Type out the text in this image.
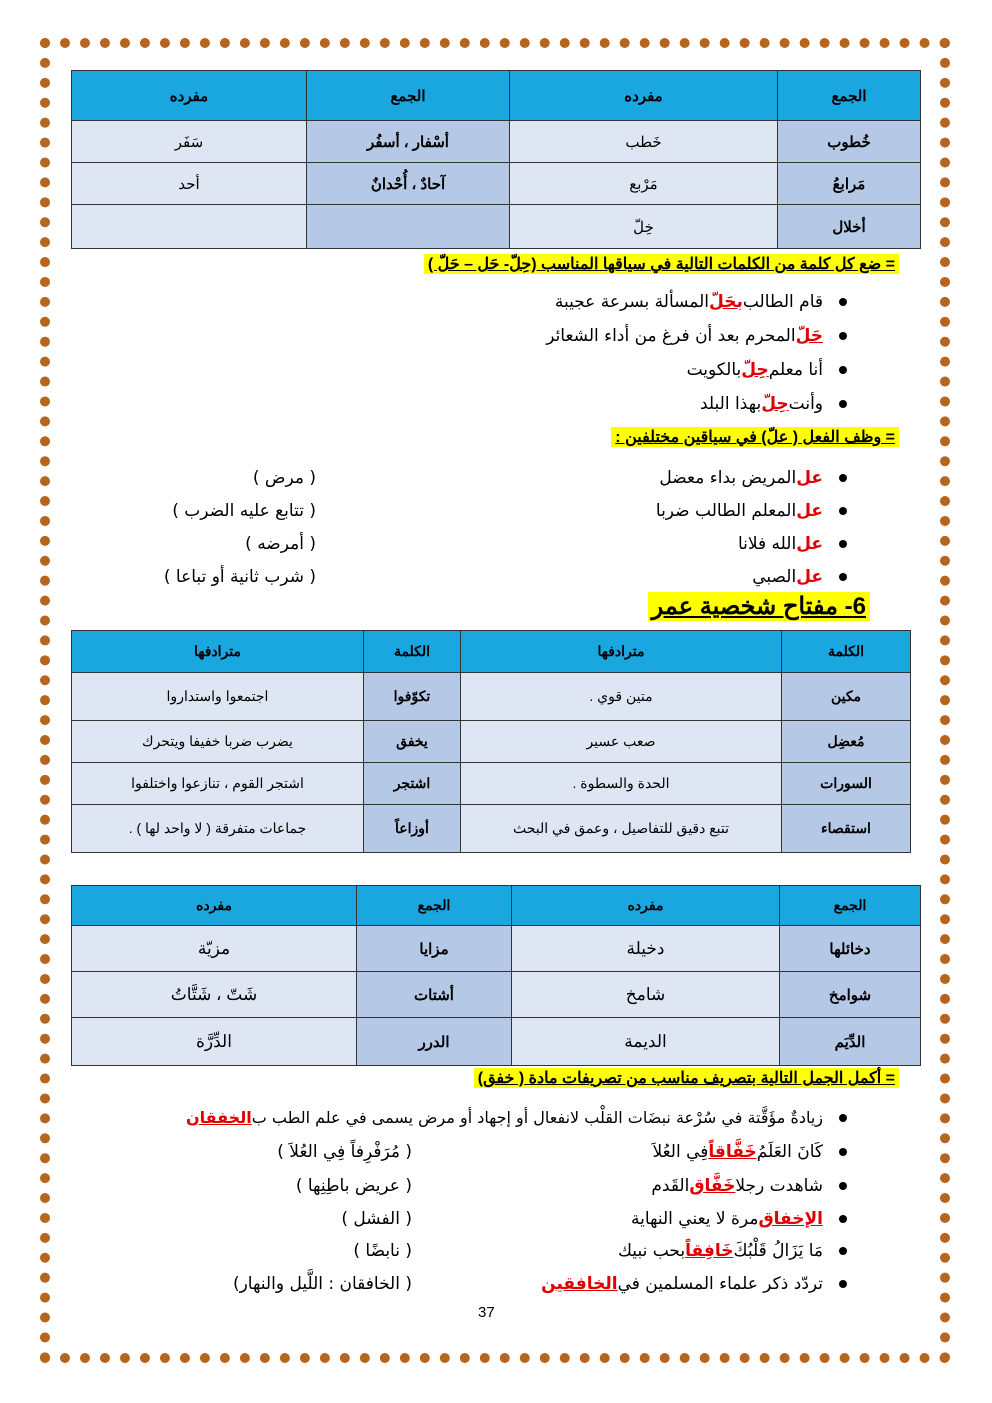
الجمع	مفرده	الجمع	مفرده
خُطوب	خَطب	أسْفار ، أسفُر	سَفَر
مَرابعُ	مَرْبع	آحادٌ ، أُحْدانٌ	أحد
أخلال	خِلّ		
= ضع كل كلمة من الكلمات التالية في سياقها المناسب (حِلّ- حَل – حَلّ )
قام الطالب
بحَلّ
المسألة بسرعة عجيبة
حَلّ
المحرم بعد أن فرغ من أداء الشعائر
أنا معلم
حِلّ
بالكويت
وأنت
حِلّ
بهذا البلد
= وظف الفعل ( علّ) في سياقين مختلفين :
عل
المريض بداء معضل
( مرض )
عل
المعلم الطالب ضربا
( تتابع عليه الضرب )
عل
الله فلانا
( أمرضه )
عل
الصبي
( شرب ثانية أو تباعا )
6- مفتاح شخصية عمر
الكلمة	مترادفها	الكلمة	مترادفها
مكين	متين قوي .	تكوّفوا	اجتمعوا واستداروا
مُعضِل	صعب عسير	يخفق	يضرب ضربا خفيفا ويتحرك
السورات	الحدة والسطوة .	اشتجر	اشتجر القوم ، تنازعوا واختلفوا
استقصاء	تتبع دقيق للتفاصيل ، وعمق في البحث	أوزاعاً	جماعات متفرقة ( لا واحد لها ) .
الجمع	مفرده	الجمع	مفرده
دخائلها	دخيلة	مزايا	مزيّة
شوامخ	شامخ	أشتات	شَتّ ، شَتَّاتُ
الدِّيَم	الديمة	الدرر	الدِّرَّة
= أكمل الجمل التالية بتصريف مناسب من تصريفات مادة ( خفق)
زيادةٌ مؤَقَّتة في سُرْعة نبضَات القلْب لانفعال أو إجهاد أو مرض يسمى في علم الطب ب
الخفقان
كَانَ العَلَمُ
خَفَّاقاً
فِي العُلاَ
( مُرَفْرِفاً فِي العُلاَ )
شاهدت رجلا
خَفَّاق
القَدم
( عريض باطِنِها )
الإخفاق
مرة لا يعني النهاية
( الفشل )
مَا يَزَالُ قَلْبُكَ
خَافِقاً
بحب نبيك
( نابضًا )
تردّد ذكر علماء المسلمين في
الخافقين
( الخافقان : اللَّيل والنهار)
37
